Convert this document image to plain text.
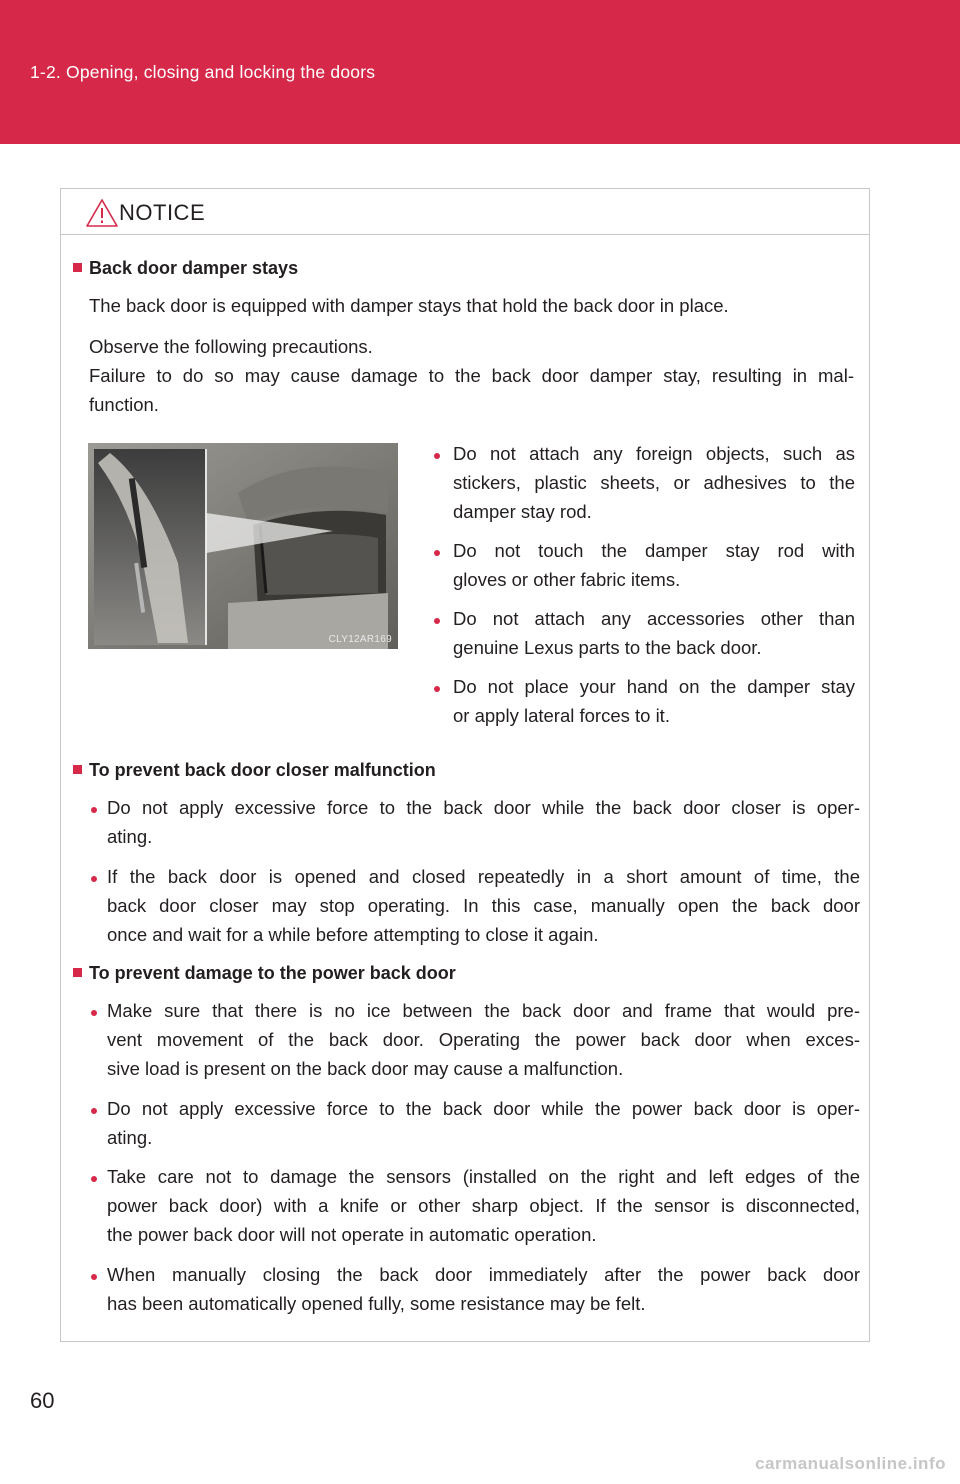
1-2. Opening, closing and locking the doors
NOTICE
Back door damper stays
The back door is equipped with damper stays that hold the back door in place.
Observe the following precautions.
Failure to do so may cause damage to the back door damper stay, resulting in mal-
function.
CLY12AR169
Do not attach any foreign objects, such as
stickers, plastic sheets, or adhesives to the
damper stay rod.
Do not touch the damper stay rod with
gloves or other fabric items.
Do not attach any accessories other than
genuine Lexus parts to the back door.
Do not place your hand on the damper stay
or apply lateral forces to it.
To prevent back door closer malfunction
Do not apply excessive force to the back door while the back door closer is oper-
ating.
If the back door is opened and closed repeatedly in a short amount of time, the
back door closer may stop operating. In this case, manually open the back door
once and wait for a while before attempting to close it again.
To prevent damage to the power back door
Make sure that there is no ice between the back door and frame that would pre-
vent movement of the back door. Operating the power back door when exces-
sive load is present on the back door may cause a malfunction.
Do not apply excessive force to the back door while the power back door is oper-
ating.
Take care not to damage the sensors (installed on the right and left edges of the
power back door) with a knife or other sharp object. If the sensor is disconnected,
the power back door will not operate in automatic operation.
When manually closing the back door immediately after the power back door
has been automatically opened fully, some resistance may be felt.
60
carmanualsonline.info
